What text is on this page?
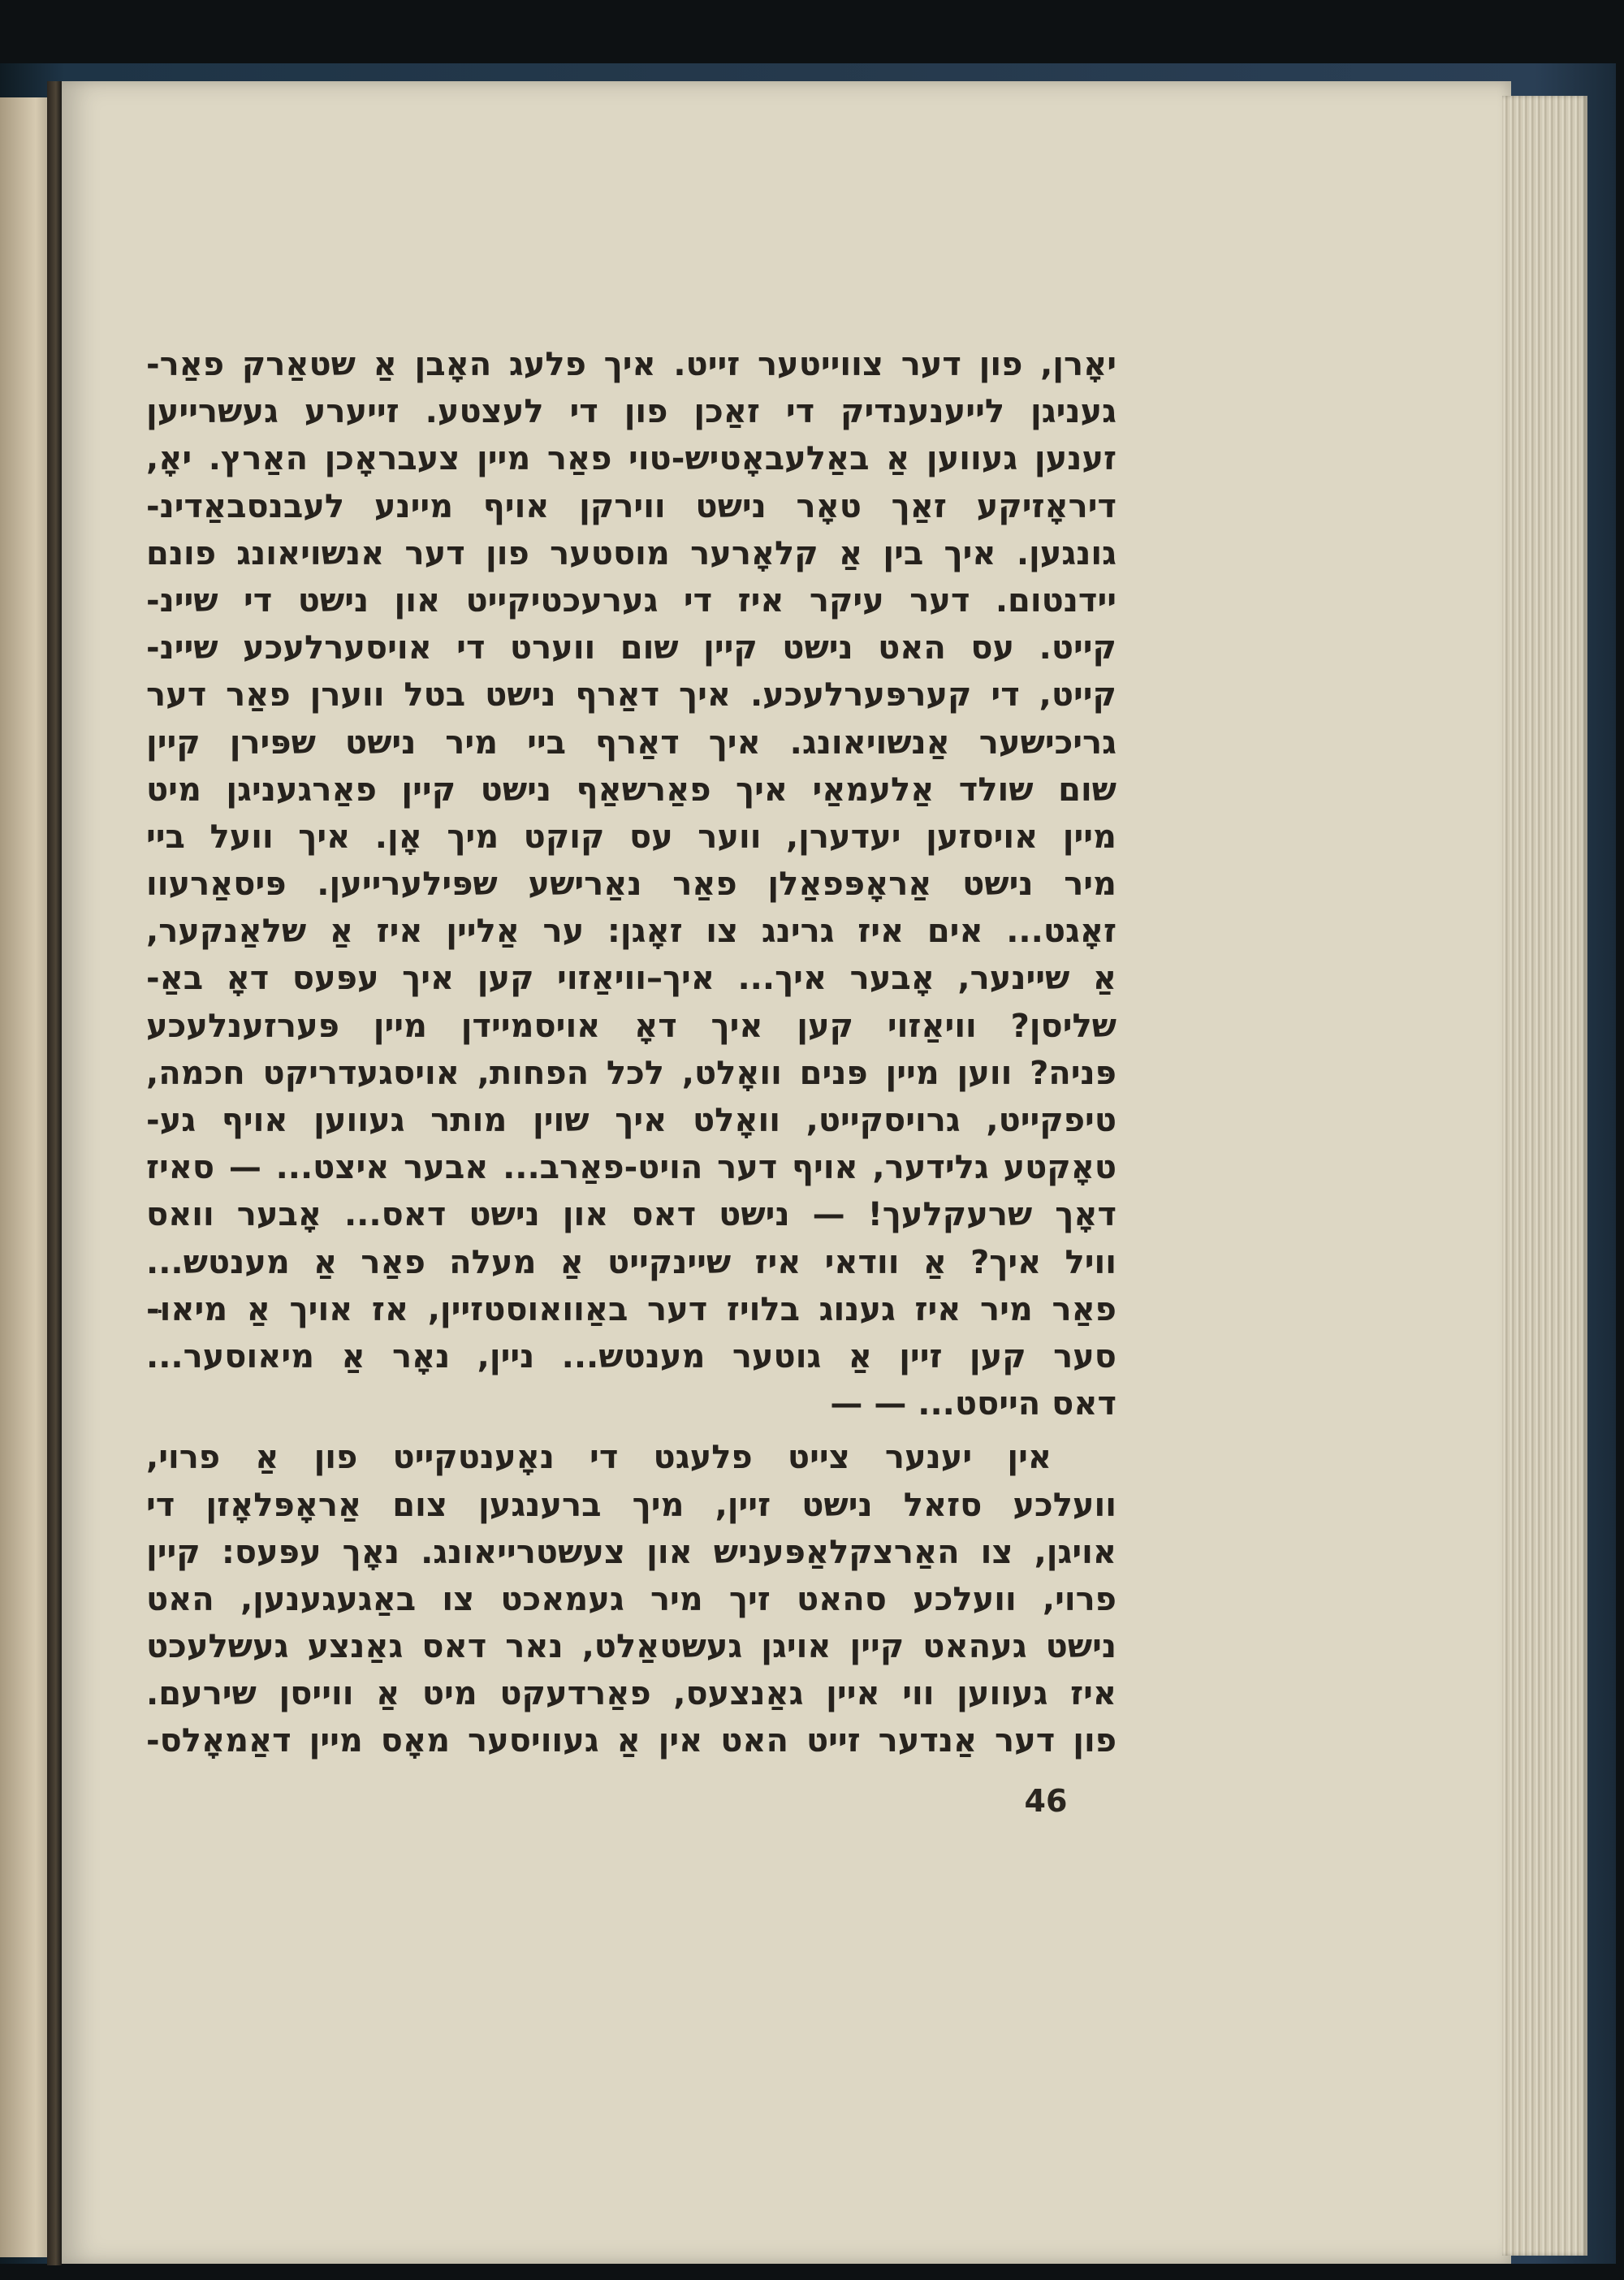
יאָרן, פון דער צווייטער זייט. איך פלעג האָבן אַ שטאַרק פאַר-
געניגן לייענענדיק די זאַכן פון די לעצטע. זייערע געשרייען
זענען געווען אַ באַלעבאָטיש-טוי פאַר מיין צעבראָכן האַרץ. יאָ,
דיראָזיקע זאַך טאָר נישט ווירקן אויף מיינע לעבנסבאַדינ-
גונגען. איך בין אַ קלאָרער מוסטער פון דער אנשויאונג פונם
יידנטום. דער עיקר איז די גערעכטיקייט און נישט די שיינ-
קייט. עס האט נישט קיין שום ווערט די אויסערלעכע שיינ-
קייט, די קערפּערלעכע. איך דאַרף נישט בטל ווערן פאַר דער
גריכישער אַנשויאונג. איך דאַרף ביי מיר נישט שפּירן קיין
שום שולד אַלעמאַי איך פאַרשאַף נישט קיין פאַרגעניגן מיט
מיין אויסזען יעדערן, ווער עס קוקט מיך אָן. איך וועל ביי
מיר נישט אַראָפּפאַלן פאַר נאַרישע שפּילערייען. פּיסאַרעוו
זאָגט... אים איז גרינג צו זאָגן: ער אַליין איז אַ שלאַנקער,
אַ שיינער, אָבער איך... איך–וויאַזוי קען איך עפּעס דאָ באַ-
שליסן? וויאַזוי קען איך דאָ אויסמיידן מיין פּערזענלעכע
פּניה? ווען מיין פּנים וואָלט, לכל הפחות, אויסגעדריקט חכמה,
טיפקייט, גרויסקייט, וואָלט איך שוין מותר געווען אויף גע-
טאָקטע גלידער, אויף דער הויט-פאַרב... אבער איצט... — סאיז
דאָך שרעקלעך! — נישט דאס און נישט דאס... אָבער וואס
וויל איך? אַ וודאי איז שיינקייט אַ מעלה פאַר אַ מענטש...
פאַר מיר איז גענוג בלויז דער באַוואוסטזיין, אז אויך אַ מיאוּ-
סער קען זיין אַ גוטער מענטש... ניין, נאָר אַ מיאוסער...
דאס הייסט... — —
אין יענער צייט פלעגט די נאָענטקייט פון אַ פרוי,
וועלכע סזאל נישט זיין, מיך ברענגען צום אַראָפּלאָזן די
אויגן, צו האַרצקלאַפּעניש און צעשטרייאונג. נאָך עפּעס: קיין
פרוי, וועלכע סהאט זיך מיר געמאכט צו באַגעגענען, האט
נישט געהאט קיין אויגן געשטאַלט, נאר דאס גאַנצע געשלעכט
איז געווען ווי איין גאַנצעס, פאַרדעקט מיט אַ ווייסן שירעם.
פון דער אַנדער זייט האט אין אַ געוויסער מאָס מיין דאַמאָלס-
46
